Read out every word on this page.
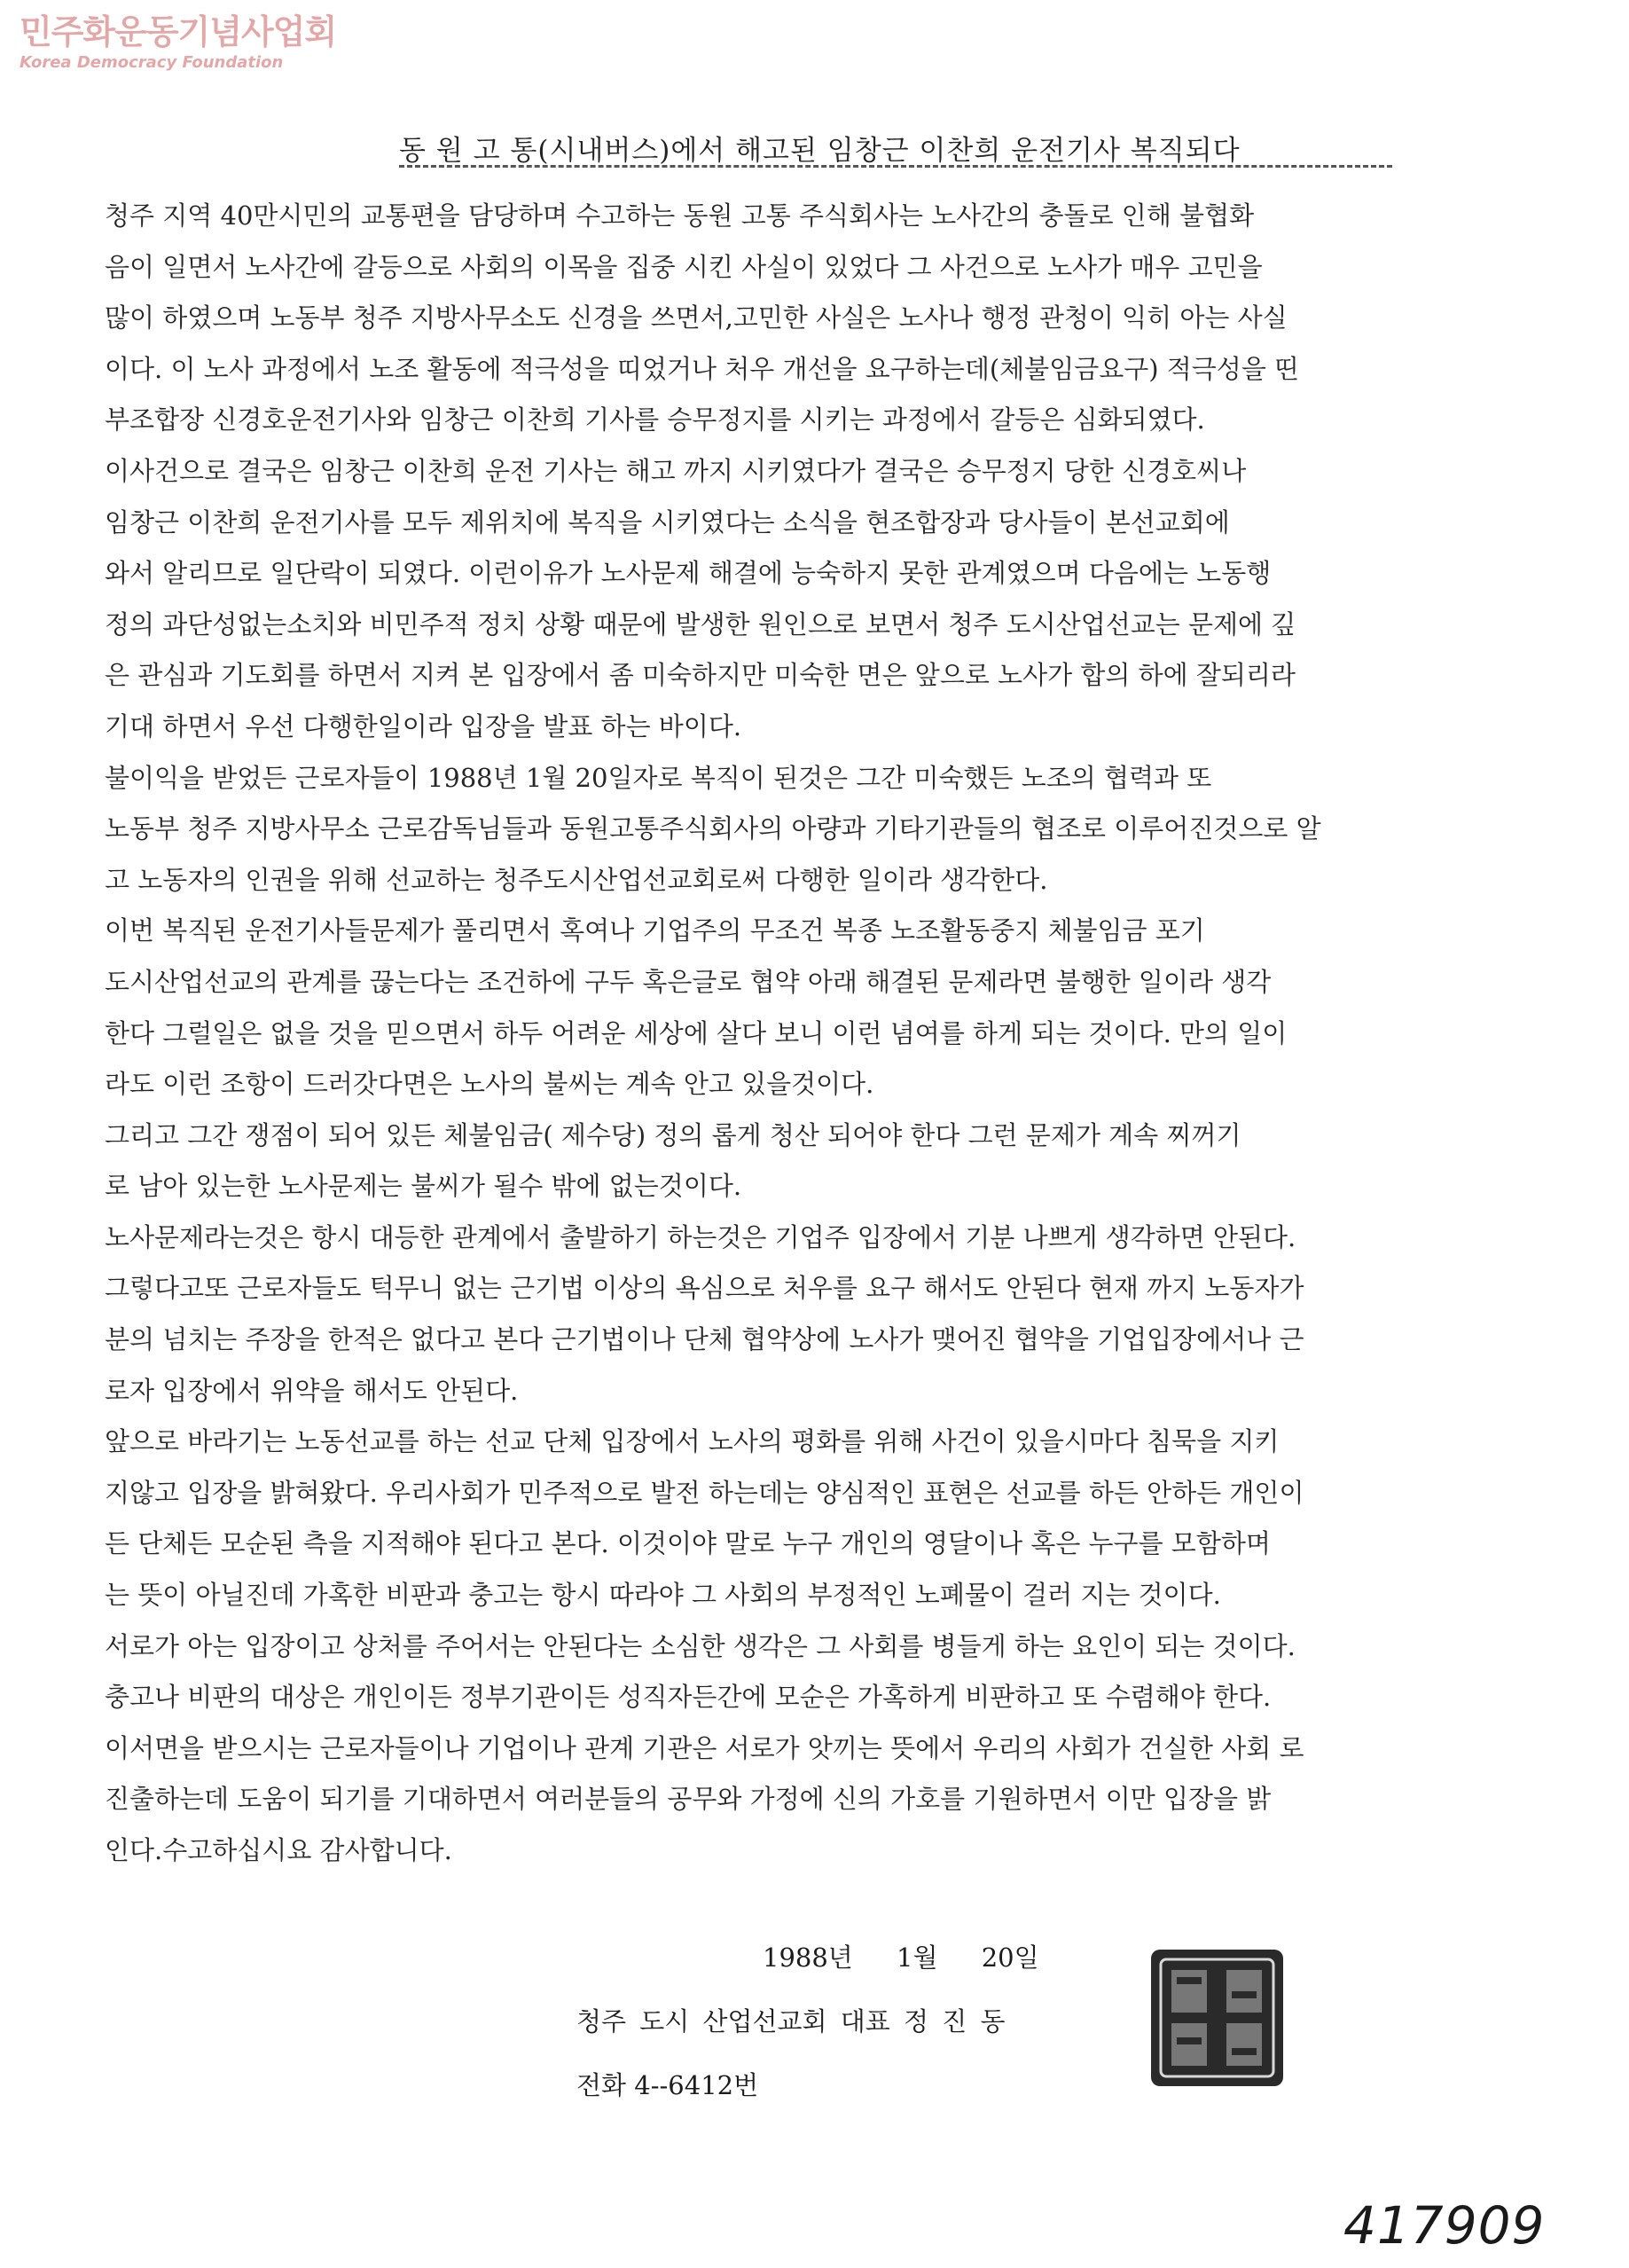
민주화운동기념사업회
Korea Democracy Foundation
동 원 고 통(시내버스)에서 해고된 임창근 이찬희 운전기사 복직되다
청주 지역 40만시민의 교통편을 담당하며 수고하는 동원 고통 주식회사는 노사간의 충돌로 인해 불협화
음이 일면서 노사간에 갈등으로 사회의 이목을 집중 시킨 사실이 있었다 그 사건으로 노사가 매우 고민을
많이 하였으며 노동부 청주 지방사무소도 신경을 쓰면서,고민한 사실은 노사나 행정 관청이 익히 아는 사실
이다. 이 노사 과정에서 노조 활동에 적극성을 띠었거나 처우 개선을 요구하는데(체불임금요구) 적극성을 띤
부조합장 신경호운전기사와 임창근 이찬희 기사를 승무정지를 시키는 과정에서 갈등은 심화되였다.
이사건으로 결국은 임창근 이찬희 운전 기사는 해고 까지 시키였다가 결국은 승무정지 당한 신경호씨나
임창근 이찬희 운전기사를 모두 제위치에 복직을 시키였다는 소식을 현조합장과 당사들이 본선교회에
와서 알리므로 일단락이 되였다. 이런이유가 노사문제 해결에 능숙하지 못한 관계였으며 다음에는 노동행
정의 과단성없는소치와 비민주적 정치 상황 때문에 발생한 원인으로 보면서 청주 도시산업선교는 문제에 깊
은 관심과 기도회를 하면서 지켜 본 입장에서 좀 미숙하지만 미숙한 면은 앞으로 노사가 합의 하에 잘되리라
기대 하면서 우선 다행한일이라 입장을 발표 하는 바이다.
불이익을 받었든 근로자들이 1988년 1월 20일자로 복직이 된것은 그간 미숙했든 노조의 협력과 또
노동부 청주 지방사무소 근로감독님들과 동원고통주식회사의 아량과 기타기관들의 협조로 이루어진것으로 알
고 노동자의 인권을 위해 선교하는 청주도시산업선교회로써 다행한 일이라 생각한다.
이번 복직된 운전기사들문제가 풀리면서 혹여나 기업주의 무조건 복종 노조활동중지 체불임금 포기
도시산업선교의 관계를 끊는다는 조건하에 구두 혹은글로 협약 아래 해결된 문제라면 불행한 일이라 생각
한다 그럴일은 없을 것을 믿으면서 하두 어려운 세상에 살다 보니 이런 념여를 하게 되는 것이다. 만의 일이
라도 이런 조항이 드러갓다면은 노사의 불씨는 계속 안고 있을것이다.
그리고 그간 쟁점이 되어 있든 체불임금( 제수당) 정의 롭게 청산 되어야 한다 그런 문제가 계속 찌꺼기
로 남아 있는한 노사문제는 불씨가 될수 밖에 없는것이다.
노사문제라는것은 항시 대등한 관계에서 출발하기 하는것은 기업주 입장에서 기분 나쁘게 생각하면 안된다.
그렇다고또 근로자들도 턱무니 없는 근기법 이상의 욕심으로 처우를 요구 해서도 안된다 현재 까지 노동자가
분의 넘치는 주장을 한적은 없다고 본다 근기법이나 단체 협약상에 노사가 맺어진 협약을 기업입장에서나 근
로자 입장에서 위약을 해서도 안된다.
앞으로 바라기는 노동선교를 하는 선교 단체 입장에서 노사의 평화를 위해 사건이 있을시마다 침묵을 지키
지않고 입장을 밝혀왔다. 우리사회가 민주적으로 발전 하는데는 양심적인 표현은 선교를 하든 안하든 개인이
든 단체든 모순된 측을 지적해야 된다고 본다. 이것이야 말로 누구 개인의 영달이나 혹은 누구를 모함하며
는 뜻이 아닐진데 가혹한 비판과 충고는 항시 따라야 그 사회의 부정적인 노폐물이 걸러 지는 것이다.
서로가 아는 입장이고 상처를 주어서는 안된다는 소심한 생각은 그 사회를 병들게 하는 요인이 되는 것이다.
충고나 비판의 대상은 개인이든 정부기관이든 성직자든간에 모순은 가혹하게 비판하고 또 수렴해야 한다.
이서면을 받으시는 근로자들이나 기업이나 관계 기관은 서로가 앗끼는 뜻에서 우리의 사회가 건실한 사회 로
진출하는데 도움이 되기를 기대하면서 여러분들의 공무와 가정에 신의 가호를 기원하면서 이만 입장을 밝
인다.수고하십시요 감사합니다.
1988년 1월 20일
청주 도시 산업선교회 대표 정 진 동
전화 4--6412번
417909
